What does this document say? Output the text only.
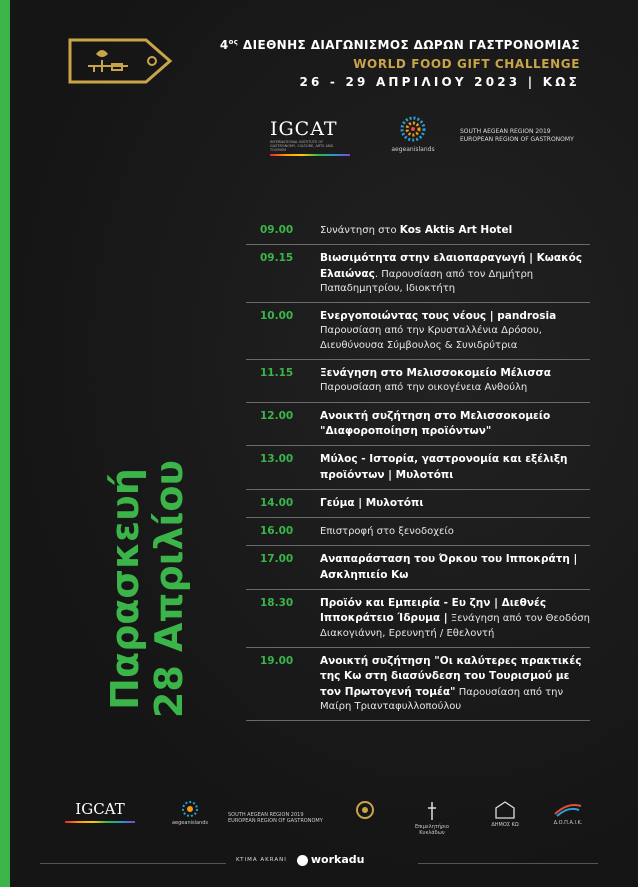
$4^{o\varsigma}$ ΔΙΕΘΝΗΣ ΔΙΑΓΩΝΙΣΜΟΣ ΔΩΡΩΝ ΓΑΣΤΡΟΝΟΜΙΑΣ
WORLD FOOD GIFT CHALLENGE
26 - 29 ΑΠΡΙΛΙΟΥ 2023 | ΚΩΣ
IGCAT
INTERNATIONAL INSTITUTE OF GASTRONOMY, CULTURE, ARTS AND TOURISM	aegeanislands
SOUTH AEGEAN REGION 2019
EUROPEAN REGION OF GASTRONOMY
Παρασκευή 28 Απριλίου
09.00	Συνάντηση στο Kos Aktis Art Hotel
09.15	Βιωσιμότητα στην ελαιοπαραγωγή | Κωακός Ελαιώνας. Παρουσίαση από τον Δημήτρη Παπαδημητρίου, Ιδιοκτήτη
10.00	Ενεργοποιώντας τους νέους | pandrosia Παρουσίαση από την Κρυσταλλένια Δρόσου, Διευθύνουσα Σύμβουλος & Συνιδρύτρια
11.15	Ξενάγηση στο Μελισσοκομείο Μέλισσα Παρουσίαση από την οικογένεια Ανθούλη
12.00	Ανοικτή συζήτηση στο Μελισσοκομείο "Διαφοροποίηση προϊόντων"
13.00	Μύλος - Ιστορία, γαστρονομία και εξέλιξη προϊόντων | Μυλοτόπι
14.00	Γεύμα | Μυλοτόπι
16.00	Επιστροφή στο ξενοδοχείο
17.00	Αναπαράσταση του Όρκου του Ιπποκράτη | Ασκληπιείο Κω
18.30	Προϊόν και Εμπειρία - Ευ ζην | Διεθνές Ιπποκράτειο Ίδρυμα | Ξενάγηση από τον Θεοδόση Διακογιάννη, Ερευνητή / Εθελοντή
19.00	Ανοικτή συζήτηση "Οι καλύτερες πρακτικές της Κω στη διασύνδεση του Τουρισμού με τον Πρωτογενή τομέα" Παρουσίαση από την Μαίρη Τριανταφυλλοπούλου
IGCAT
aegeanislands
SOUTH AEGEAN REGION 2019
EUROPEAN REGION OF GASTRONOMY
Επιμελητήριο Κυκλάδων
ΔΗΜΟΣ ΚΩ	Δ.Ο.Π.Α.Ι.Κ.
KTIMA AKRANI	workadu
